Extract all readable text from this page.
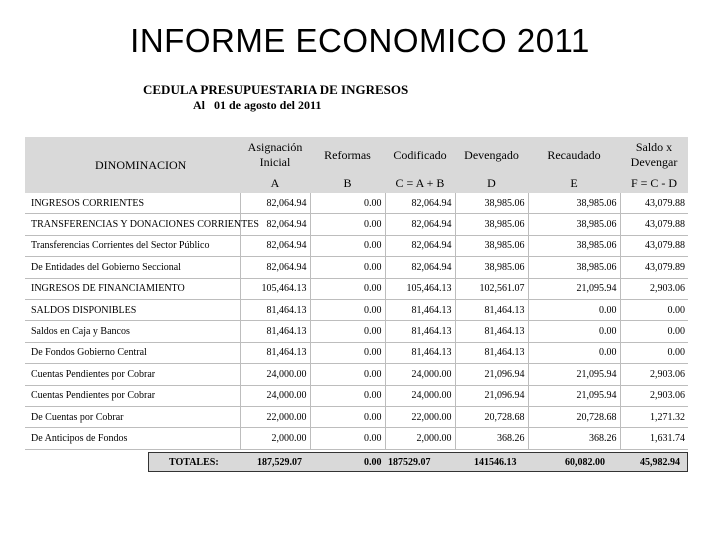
INFORME ECONOMICO 2011
CEDULA PRESUPUESTARIA DE INGRESOS
Al 01 de agosto del 2011
DINOMINACION	Asignación Inicial	Reformas	Codificado	Devengado	Recaudado	Saldo x Devengar
	A	B	C = A + B	D	E	F = C - D
INGRESOS CORRIENTES	82,064.94	0.00	82,064.94	38,985.06	38,985.06	43,079.88
TRANSFERENCIAS Y DONACIONES CORRIENTES	82,064.94	0.00	82,064.94	38,985.06	38,985.06	43,079.88
Transferencias Corrientes del Sector Público	82,064.94	0.00	82,064.94	38,985.06	38,985.06	43,079.88
De Entidades del Gobierno Seccional	82,064.94	0.00	82,064.94	38,985.06	38,985.06	43,079.89
INGRESOS DE FINANCIAMIENTO	105,464.13	0.00	105,464.13	102,561.07	21,095.94	2,903.06
SALDOS DISPONIBLES	81,464.13	0.00	81,464.13	81,464.13	0.00	0.00
Saldos en Caja y Bancos	81,464.13	0.00	81,464.13	81,464.13	0.00	0.00
De Fondos Gobierno Central	81,464.13	0.00	81,464.13	81,464.13	0.00	0.00
Cuentas Pendientes por Cobrar	24,000.00	0.00	24,000.00	21,096.94	21,095.94	2,903.06
Cuentas Pendientes por Cobrar	24,000.00	0.00	24,000.00	21,096.94	21,095.94	2,903.06
De Cuentas por Cobrar	22,000.00	0.00	22,000.00	20,728.68	20,728.68	1,271.32
De Anticipos de Fondos	2,000.00	0.00	2,000.00	368.26	368.26	1,631.74
TOTALES:	187,529.07	0.00 187529.07	141546.13	60,082.00	45,982.94
